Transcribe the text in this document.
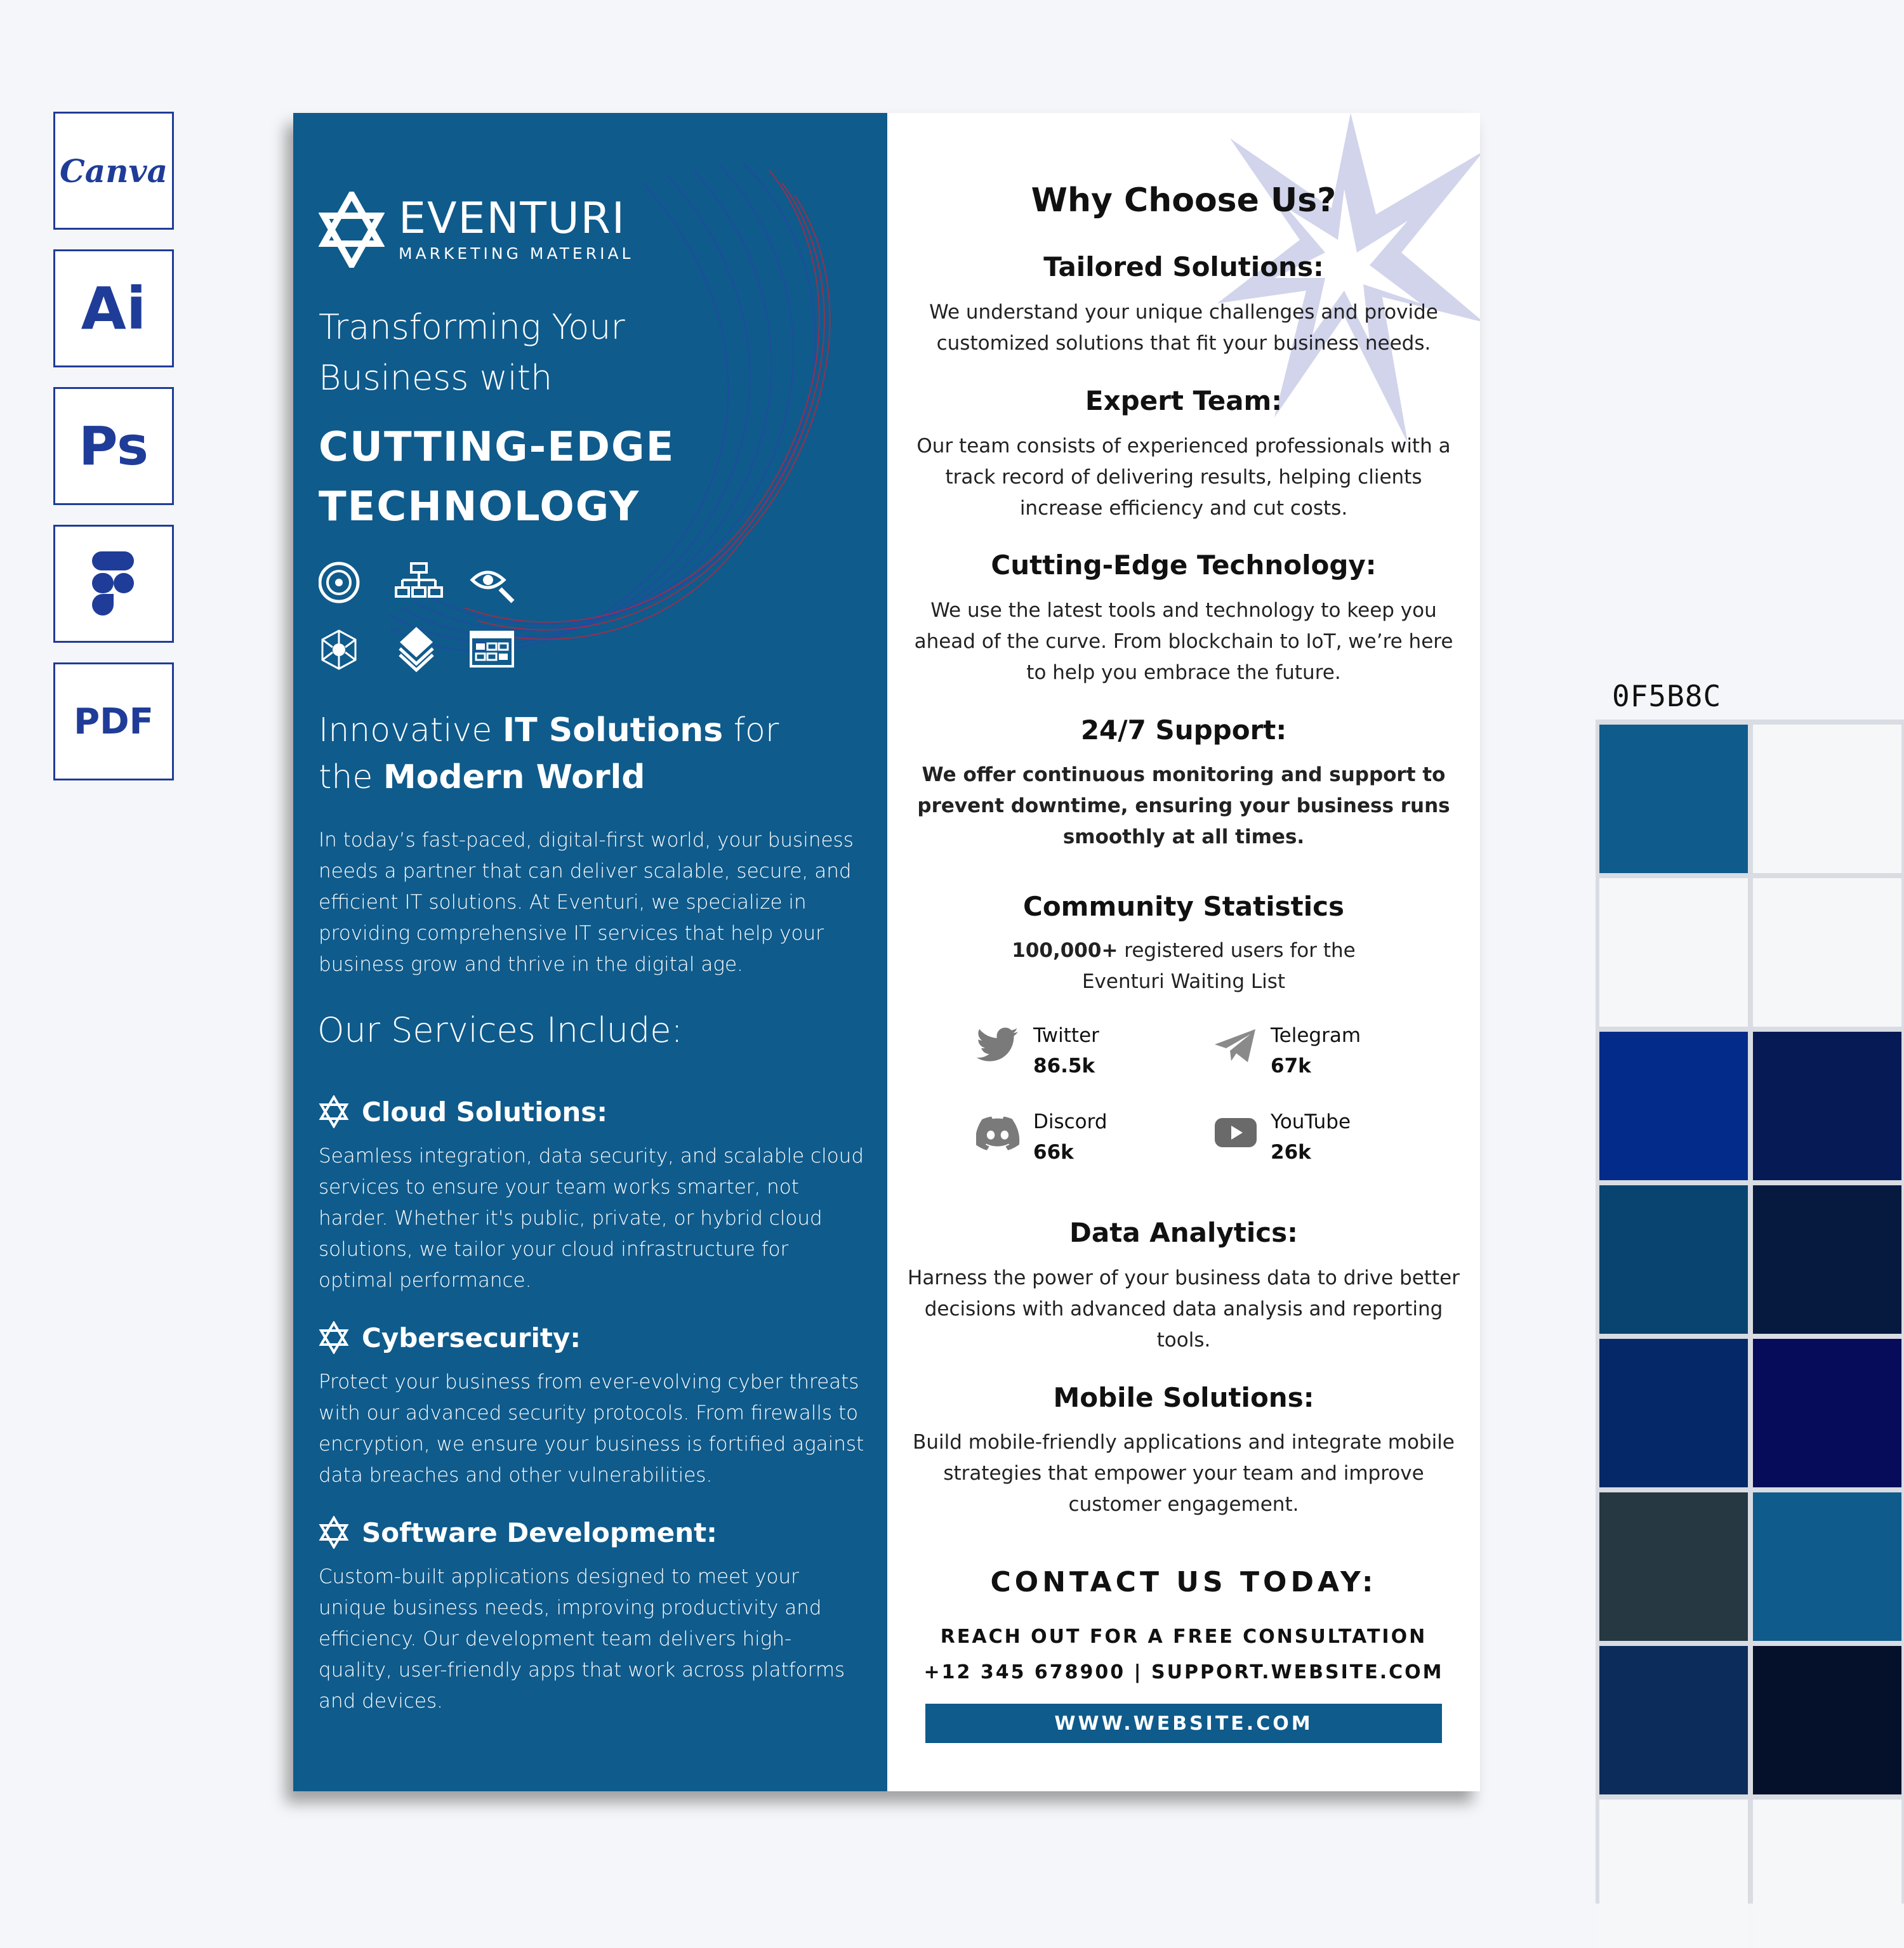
Canva
Ai
Ps
PDF
EVENTURI
MARKETING MATERIAL
Transforming Your
Business with
CUTTING-EDGE
TECHNOLOGY
Innovative IT Solutions for
the Modern World
In today’s fast-paced, digital-first world, your business needs a partner that can deliver scalable, secure, and efficient IT solutions. At Eventuri, we specialize in providing comprehensive IT services that help your business grow and thrive in the digital age.
Our Services Include:
Cloud Solutions:
Seamless integration, data security, and scalable cloud services to ensure your team works smarter, not harder. Whether it's public, private, or hybrid cloud solutions, we tailor your cloud infrastructure for optimal performance.
Cybersecurity:
Protect your business from ever-evolving cyber threats with our advanced security protocols. From firewalls to encryption, we ensure your business is fortified against data breaches and other vulnerabilities.
Software Development:
Custom-built applications designed to meet your unique business needs, improving productivity and efficiency. Our development team delivers high-quality, user-friendly apps that work across platforms and devices.
Why Choose Us?
Tailored Solutions:
We understand your unique challenges and provide customized solutions that fit your business needs.
Expert Team:
Our team consists of experienced professionals with a track record of delivering results, helping clients increase efficiency and cut costs.
Cutting-Edge Technology:
We use the latest tools and technology to keep you ahead of the curve. From blockchain to IoT, we’re here to help you embrace the future.
24/7 Support:
We offer continuous monitoring and support to prevent downtime, ensuring your business runs smoothly at all times.
Community Statistics
100,000+ registered users for the
Eventuri Waiting List
Twitter
86.5k
Telegram
67k
Discord
66k
YouTube
26k
Data Analytics:
Harness the power of your business data to drive better decisions with advanced data analysis and reporting tools.
Mobile Solutions:
Build mobile-friendly applications and integrate mobile strategies that empower your team and improve customer engagement.
CONTACT US TODAY:
REACH OUT FOR A FREE CONSULTATION
+12 345 678900 | SUPPORT.WEBSITE.COM
WWW.WEBSITE.COM
0F5B8C
